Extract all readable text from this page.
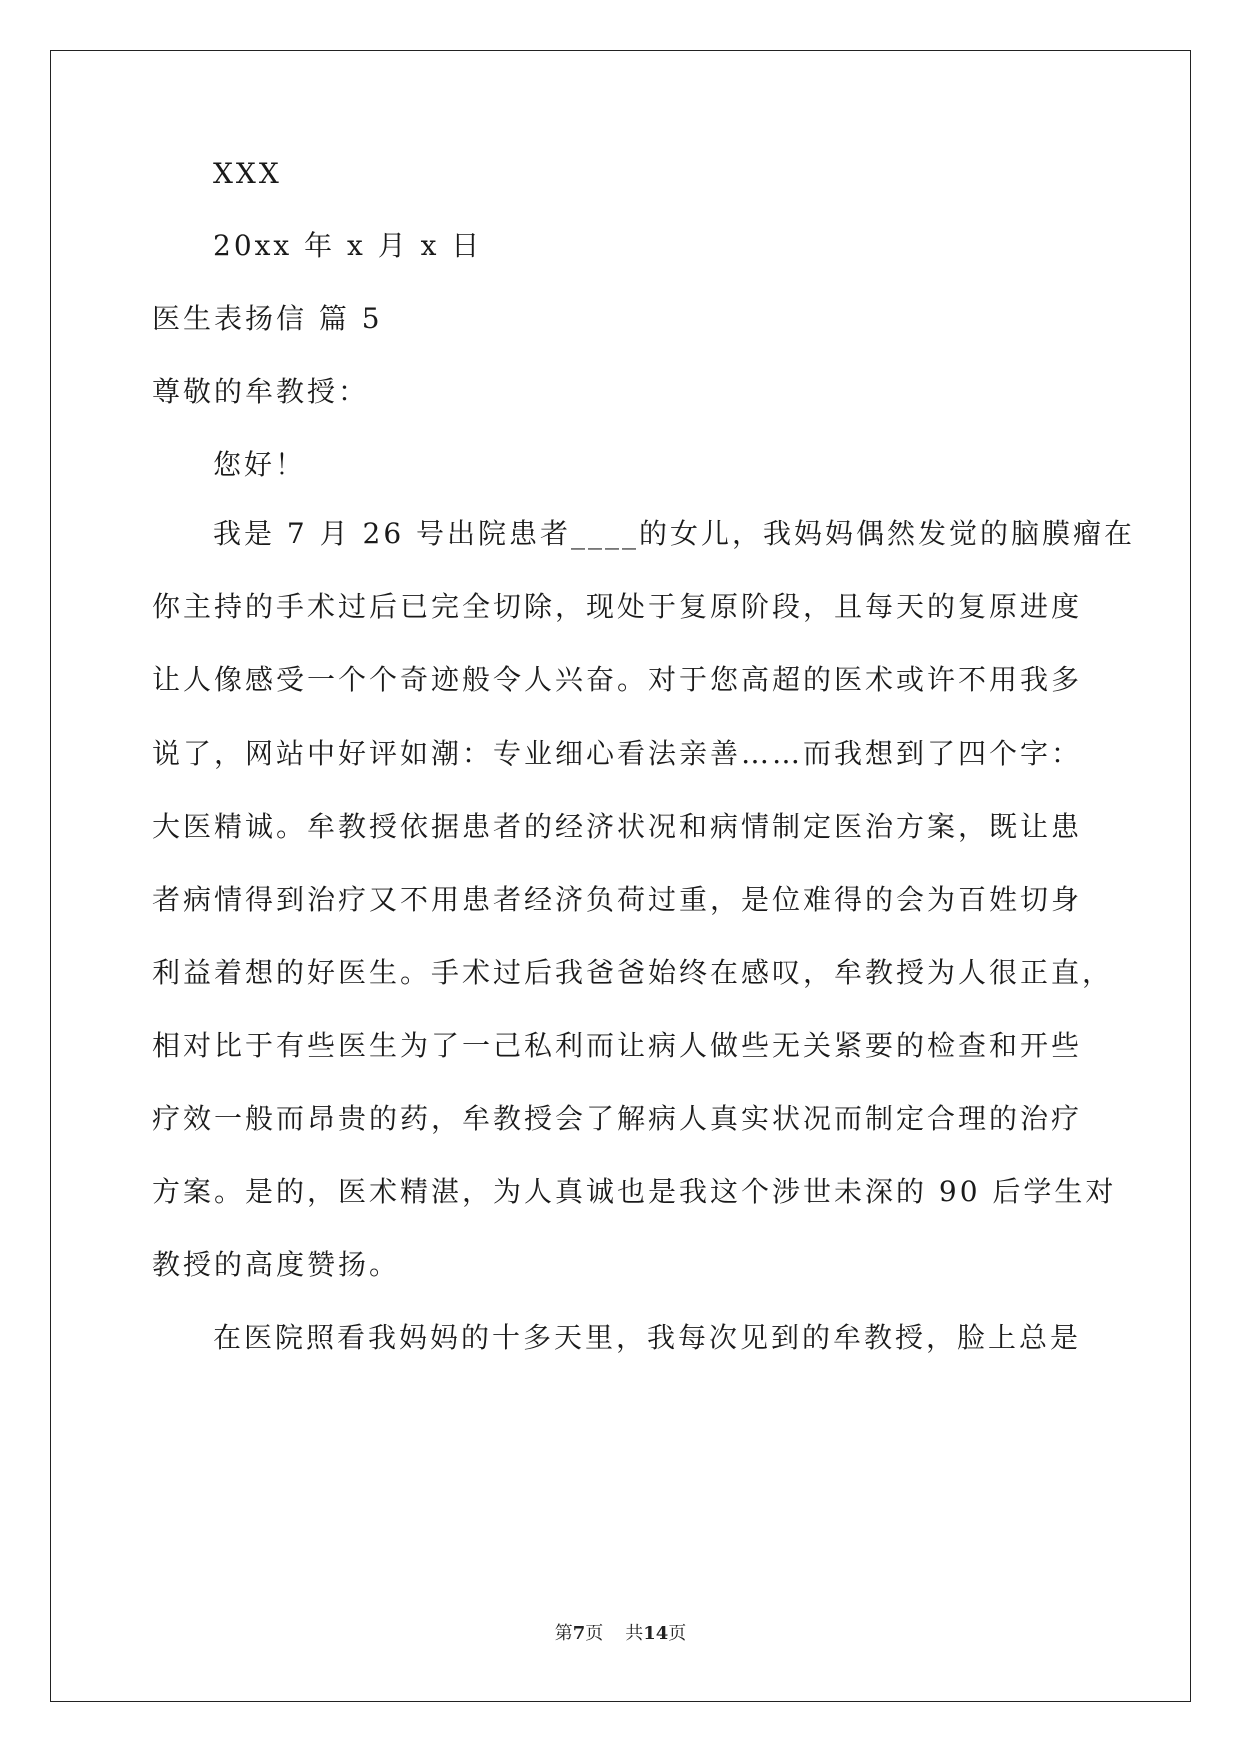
XXX
20xx 年 x 月 x 日
医生表扬信 篇 5
尊敬的牟教授：
您好！
我是 7 月 26 号出院患者____的女儿，我妈妈偶然发觉的脑膜瘤在
你主持的手术过后已完全切除，现处于复原阶段，且每天的复原进度
让人像感受一个个奇迹般令人兴奋。对于您高超的医术或许不用我多
说了，网站中好评如潮：专业细心看法亲善……而我想到了四个字：
大医精诚。牟教授依据患者的经济状况和病情制定医治方案，既让患
者病情得到治疗又不用患者经济负荷过重，是位难得的会为百姓切身
利益着想的好医生。手术过后我爸爸始终在感叹，牟教授为人很正直，
相对比于有些医生为了一己私利而让病人做些无关紧要的检查和开些
疗效一般而昂贵的药，牟教授会了解病人真实状况而制定合理的治疗
方案。是的，医术精湛，为人真诚也是我这个涉世未深的 90 后学生对
教授的高度赞扬。
在医院照看我妈妈的十多天里，我每次见到的牟教授，脸上总是
第7页 共14页
